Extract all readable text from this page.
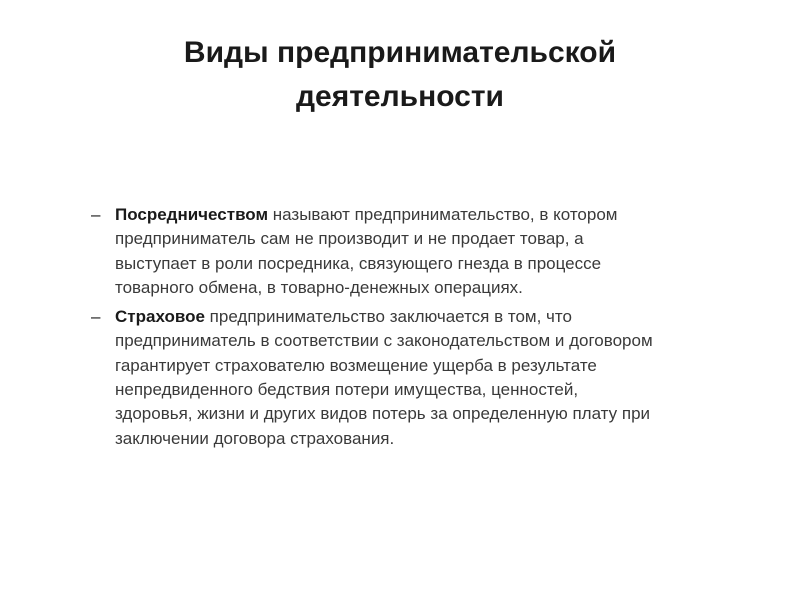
Виды предпринимательской
деятельности
– Посредничеством называют предпринимательство, в котором
предприниматель сам не производит и не продает товар, а
выступает в роли посредника, связующего гнезда в процессе
товарного обмена, в товарно-денежных операциях.
– Страховое предпринимательство заключается в том, что
предприниматель в соответствии с законодательством и договором
гарантирует страхователю возмещение ущерба в результате
непредвиденного бедствия потери имущества, ценностей,
здоровья, жизни и других видов потерь за определенную плату при
заключении договора страхования.
